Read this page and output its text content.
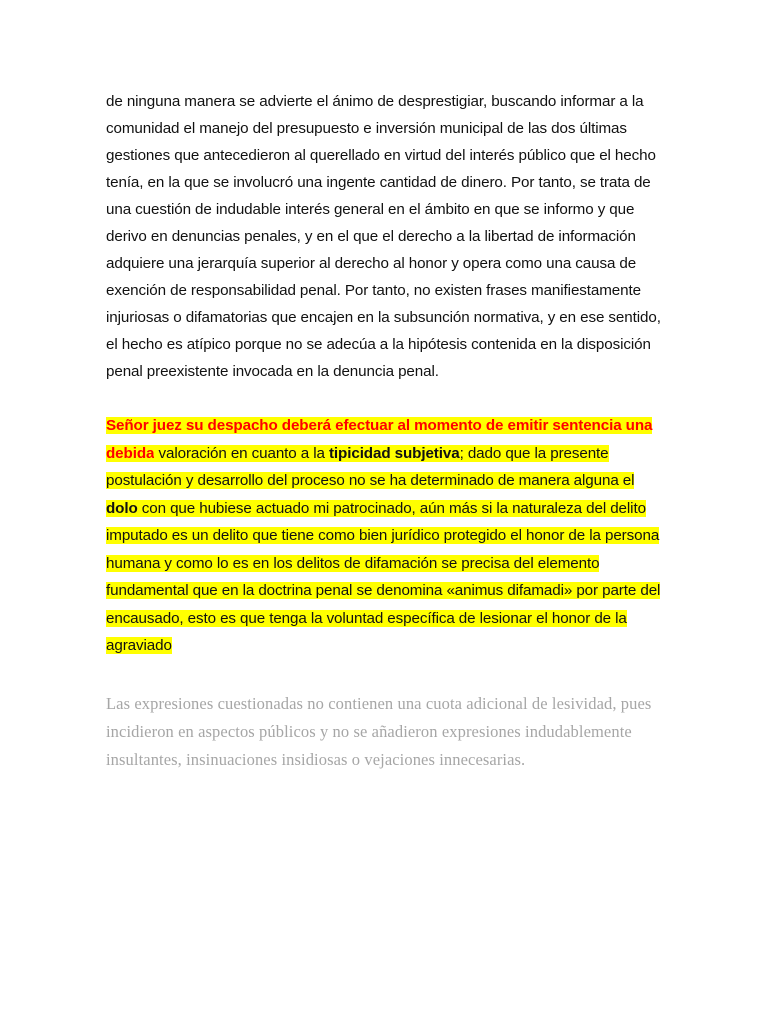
de ninguna manera se advierte el ánimo de desprestigiar, buscando informar a la comunidad el manejo del presupuesto e inversión municipal de las dos últimas gestiones que antecedieron al querellado en virtud del interés público que el hecho tenía, en la que se involucró una ingente cantidad de dinero. Por tanto, se trata de una cuestión de indudable interés general en el ámbito en que se informo y que derivo en denuncias penales, y en el que el derecho a la libertad de información adquiere una jerarquía superior al derecho al honor y opera como una causa de exención de responsabilidad penal. Por tanto, no existen frases manifiestamente injuriosas o difamatorias que encajen en la subsunción normativa, y en ese sentido, el hecho es atípico porque no se adecúa a la hipótesis contenida en la disposición penal preexistente invocada en la denuncia penal.

Señor juez su despacho deberá efectuar al momento de emitir sentencia una debida valoración en cuanto a la tipicidad subjetiva; dado que la presente postulación y desarrollo del proceso no se ha determinado de manera alguna el dolo con que hubiese actuado mi patrocinado, aún más si la naturaleza del delito imputado es un delito que tiene como bien jurídico protegido el honor de la persona humana y como lo es en los delitos de difamación se precisa del elemento fundamental que en la doctrina penal se denomina «animus difamadi» por parte del encausado, esto es que tenga la voluntad específica de lesionar el honor de la agraviado

Las expresiones cuestionadas no contienen una cuota adicional de lesividad, pues incidieron en aspectos públicos y no se añadieron expresiones indudablemente insultantes, insinuaciones insidiosas o vejaciones innecesarias.
